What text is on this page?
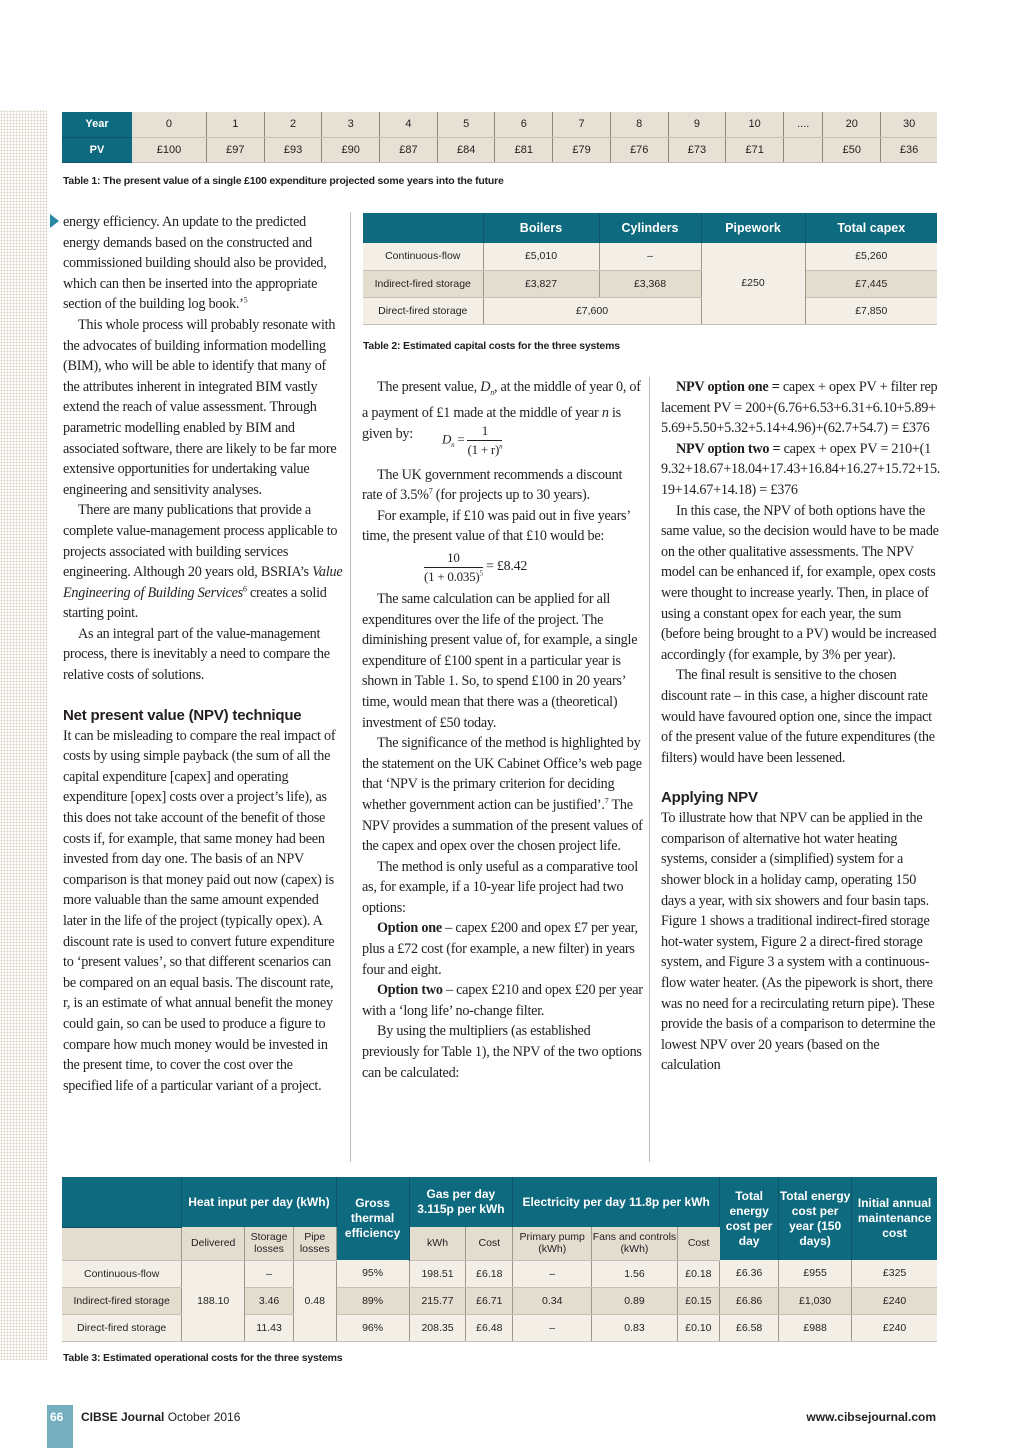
Year	0	1	2	3	4	5	6	7	8	9	10	....	20	30
PV	£100	£97	£93	£90	£87	£84	£81	£79	£76	£73	£71		£50	£36
Table 1: The present value of a single £100 expenditure projected some years into the future

energy efficiency. An update to the predicted energy demands based on the constructed and commissioned building should also be provided, which can then be inserted into the appropriate section of the building log book.’$^5$

This whole process will probably resonate with the advocates of building information modelling (BIM), who will be able to identify that many of the attributes inherent in integrated BIM vastly extend the reach of value assessment. Through parametric modelling enabled by BIM and associated software, there are likely to be far more extensive opportunities for undertaking value engineering and sensitivity analyses.

There are many publications that provide a complete value-management process applicable to projects associated with building services engineering. Although 20 years old, BSRIA’s Value Engineering of Building Services$^6$ creates a solid starting point.

As an integral part of the value-management process, there is inevitably a need to compare the relative costs of solutions.

Net present value (NPV) technique

It can be misleading to compare the real impact of costs by using simple payback (the sum of all the capital expenditure [capex] and operating expenditure [opex] costs over a project’s life), as this does not take account of the benefit of those costs if, for example, that same money had been invested from day one. The basis of an NPV comparison is that money paid out now (capex) is more valuable than the same amount expended later in the life of the project (typically opex). A discount rate is used to convert future expenditure to ‘present values’, so that different scenarios can be compared on an equal basis. The discount rate, r, is an estimate of what annual benefit the money could gain, so can be used to produce a figure to compare how much money would be invested in the present time, to cover the cost over the specified life of a particular variant of a project.

	Boilers	Cylinders	Pipework	Total capex
Continuous-flow	£5,010	–	£250	£5,260
Indirect-fired storage	£3,827	£3,368		£7,445
Direct-fired storage	£7,600			£7,850
Table 2: Estimated capital costs for the three systems

The present value, $D_n$, at the middle of year 0, of a payment of £1 made at the middle of year n is given by:	$D_n = \frac{1}{(1 + r)^n}$

The UK government recommends a discount rate of 3.5%$^7$ (for projects up to 30 years).

For example, if £10 was paid out in five years’ time, the present value of that £10 would be:

$\frac{10}{(1 + 0.035)^5}$ = £8.42

The same calculation can be applied for all expenditures over the life of the project. The diminishing present value of, for example, a single expenditure of £100 spent in a particular year is shown in Table 1. So, to spend £100 in 20 years’ time, would mean that there was a (theoretical) investment of £50 today.

The significance of the method is highlighted by the statement on the UK Cabinet Office’s web page that ‘NPV is the primary criterion for deciding whether government action can be justified’.$^7$ The NPV provides a summation of the present values of the capex and opex over the chosen project life.

The method is only useful as a comparative tool as, for example, if a 10-year life project had two options:

Option one – capex £200 and opex £7 per year, plus a £72 cost (for example, a new filter) in years four and eight.

Option two – capex £210 and opex £20 per year with a ‘long life’ no-change filter.

By using the multipliers (as established previously for Table 1), the NPV of the two options can be calculated:

NPV option one = capex + opex PV + filter replacement PV = 200+(6.76+6.53+6.31+6.10+5.89+5.69+5.50+5.32+5.14+4.96)+(62.7+54.7) = £376

NPV option two = capex + opex PV = 210+(19.32+18.67+18.04+17.43+16.84+16.27+15.72+15.19+14.67+14.18) = £376

In this case, the NPV of both options have the same value, so the decision would have to be made on the other qualitative assessments. The NPV model can be enhanced if, for example, opex costs were thought to increase yearly. Then, in place of using a constant opex for each year, the sum (before being brought to a PV) would be increased accordingly (for example, by 3% per year).

The final result is sensitive to the chosen discount rate – in this case, a higher discount rate would have favoured option one, since the impact of the present value of the future expenditures (the filters) would have been lessened.

Applying NPV

To illustrate how that NPV can be applied in the comparison of alternative hot water heating systems, consider a (simplified) system for a shower block in a holiday camp, operating 150 days a year, with six showers and four basin taps. Figure 1 shows a traditional indirect-fired storage hot-water system, Figure 2 a direct-fired storage system, and Figure 3 a system with a continuous-flow water heater. (As the pipework is short, there was no need for a recirculating return pipe). These provide the basis of a comparison to determine the lowest NPV over 20 years (based on the calculation

	Heat input per day (kWh)			Gross thermal efficiency	Gas per day 3.115p per kWh		Electricity per day 11.8p per kWh			Total energy cost per day	Total energy cost per year (150 days)	Initial annual maintenance cost
	Delivered	Storage losses	Pipe losses		kWh	Cost	Primary pump (kWh)	Fans and controls (kWh)	Cost			
Continuous-flow	188.10	–	0.48	95%	198.51	£6.18	–	1.56	£0.18	£6.36	£955	£325
Indirect-fired storage		3.46		89%	215.77	£6.71	0.34	0.89	£0.15	£6.86	£1,030	£240
Direct-fired storage		11.43		96%	208.35	£6.48	–	0.83	£0.10	£6.58	£988	£240
Table 3: Estimated operational costs for the three systems
66 CIBSE Journal October 2016	www.cibsejournal.com
